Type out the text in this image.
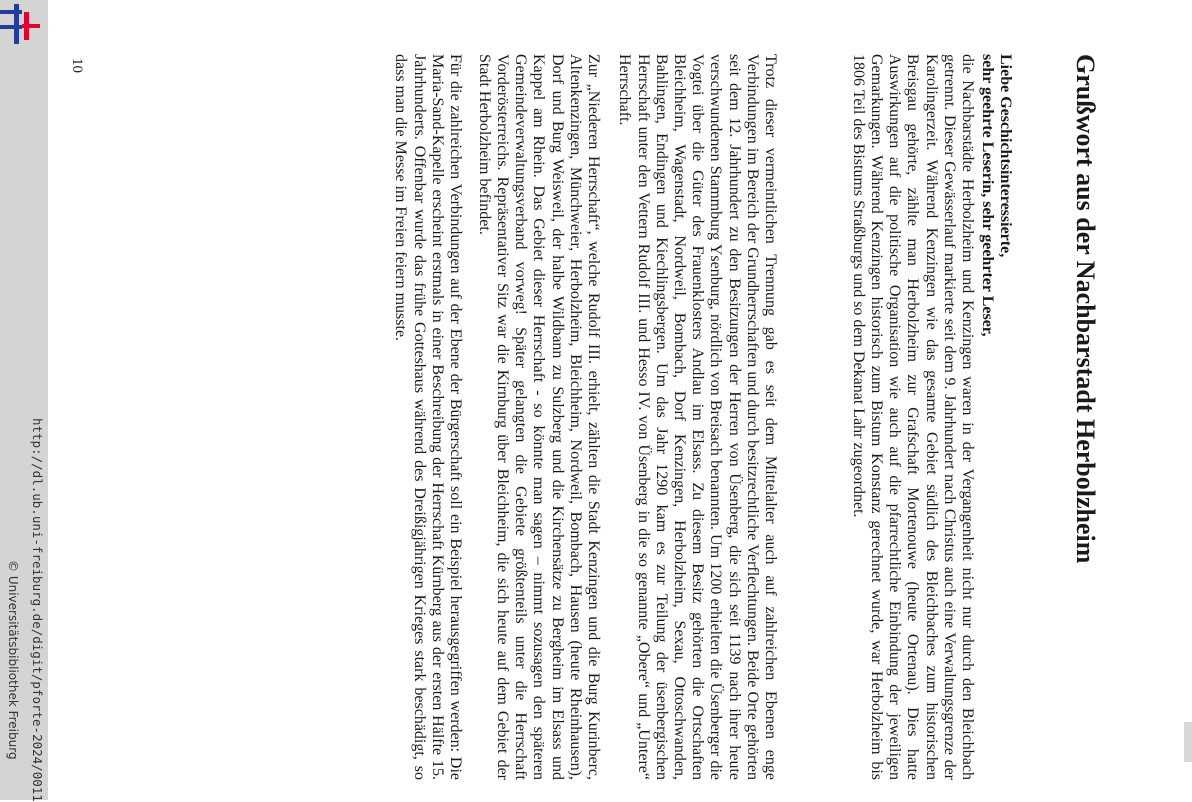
http://dl.ub.uni-freiburg.de/digit/pforte-2024/0011
© Universitätsbibliothek Freiburg
Grußwort aus der Nachbarstadt Herbolzheim
Liebe Geschichtsinteressierte,
sehr geehrte Leserin, sehr geehrter Leser,

die Nachbarstädte Herbolzheim und Kenzingen waren in der Vergangenheit nicht nur durch den Bleichbach getrennt. Dieser Gewässerlauf markierte seit dem 9. Jahrhundert nach Christus auch eine Verwaltungsgrenze der Karolingerzeit. Während Kenzingen wie das gesamte Gebiet südlich des Bleichbaches zum historischen Breisgau gehörte, zählte man Herbolzheim zur Grafschaft Mortenouwe (heute Ortenau). Dies hatte Auswirkungen auf die politische Organisation wie auch auf die pfarrechtliche Einbindung der jeweiligen Gemarkungen. Während Kenzingen historisch zum Bistum Konstanz gerechnet wurde, war Herbolzheim bis 1806 Teil des Bistums Straßburgs und so dem Dekanat Lahr zugeordnet.

Trotz dieser vermeintlichen Trennung gab es seit dem Mittelalter auch auf zahlreichen Ebenen enge Verbindungen im Bereich der Grundherrschaften und durch besitzrechtliche Verflechtungen. Beide Orte gehörten seit dem 12. Jahrhundert zu den Besitzungen der Herren von Üsenberg, die sich seit 1139 nach ihrer heute verschwundenen Stammburg Ysenburg, nördlich von Breisach benannten. Um 1200 erhielten die Üsenberger die Vogtei über die Güter des Frauenklosters Andlau im Elsass. Zu diesem Besitz gehörten die Ortschaften Bleichheim, Wagenstadt, Nordweil, Bombach, Dorf Kenzingen, Herbolzheim, Sexau, Ottoschwanden, Bahlingen, Endingen und Kiechlingsbergen. Um das Jahr 1290 kam es zur Teilung der üsenbergischen Herrschaft unter den Vettern Rudolf III. und Hesso IV. von Üsenberg in die so genannte „Obere“ und „Untere“ Herrschaft.

Zur „Niederen Herrschaft“, welche Rudolf III. erhielt, zählten die Stadt Kenzingen und die Burg Kurinberc, Altenkenzingen, Münchweier, Herbolzheim, Bleichheim, Nordweil, Bombach, Hausen (heute Rheinhausen), Dorf und Burg Weisweil, der halbe Wildbann zu Sulzberg und die Kirchensätze zu Bergheim im Elsass und Kappel am Rhein. Das Gebiet dieser Herrschaft - so könnte man sagen – nimmt sozusagen den späteren Gemeindeverwaltungsverband vorweg! Später gelangten die Gebiete größtenteils unter die Herrschaft Vorderösterreichs. Repräsentativer Sitz war die Kirnburg über Bleichheim, die sich heute auf dem Gebiet der Stadt Herbolzheim befindet.

Für die zahlreichen Verbindungen auf der Ebene der Bürgerschaft soll ein Beispiel herausgegriffen werden: Die Maria-Sand-Kapelle erscheint erstmals in einer Beschreibung der Herrschaft Kürnberg aus der ersten Hälfte 15. Jahrhunderts. Offenbar wurde das frühe Gotteshaus während des Dreißigjährigen Krieges stark beschädigt, so dass man die Messe im Freien feiern musste.

10
